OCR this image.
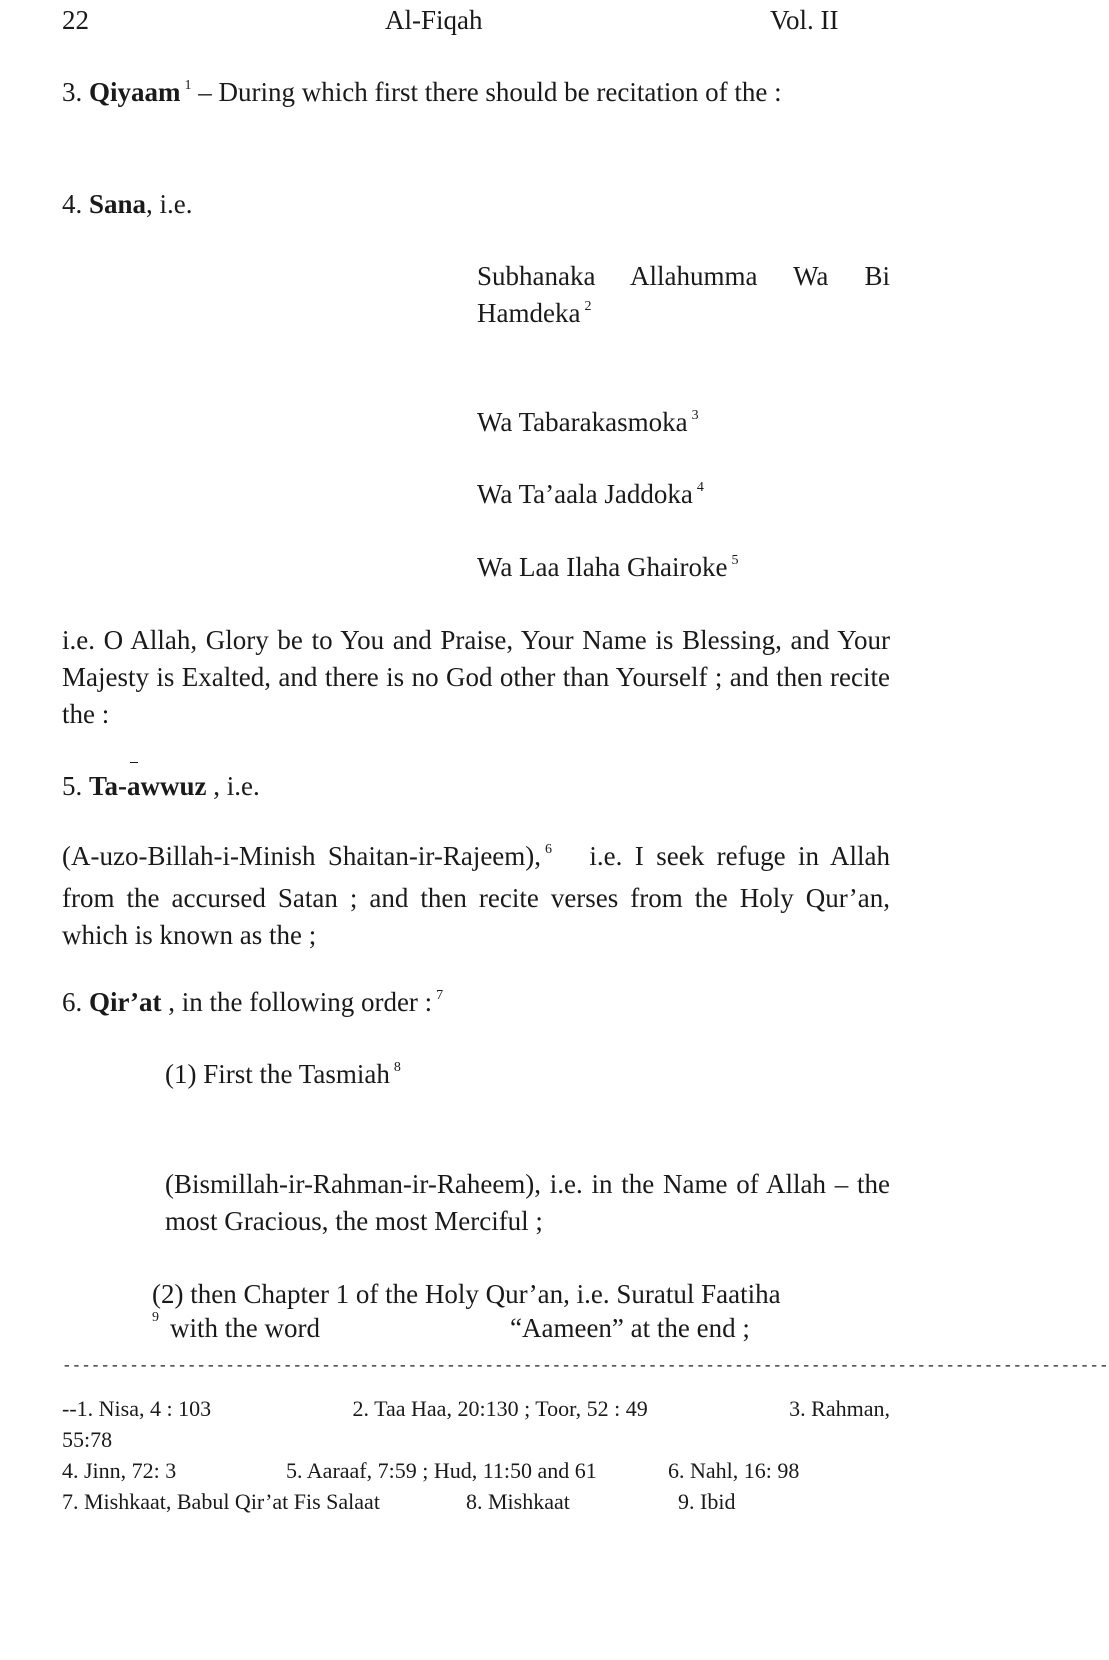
22	Al-Fiqah	Vol. II

3. Qiyaam $^1$ – During which first there should be recitation of the :

4. Sana, i.e.

Subhanaka Allahumma Wa Bi Hamdeka $^2$

Wa Tabarakasmoka $^3$

Wa Ta’aala Jaddoka $^4$

Wa Laa Ilaha Ghairoke $^5$

i.e. O Allah, Glory be to You and Praise, Your Name is Blessing, and Your Majesty is Exalted, and there is no God other than Yourself ; and then recite the :

5. Ta-awwuz , i.e.

(A-uzo-Billah-i-Minish Shaitan-ir-Rajeem), $^6$ i.e. I seek refuge in Allah from the accursed Satan ; and then recite verses from the Holy Qur’an, which is known as the ;

6. Qir’at , in the following order : $^7$

(1) First the Tasmiah $^8$

(Bismillah-ir-Rahman-ir-Raheem), i.e. in the Name of Allah – the most Gracious, the most Merciful ;

(2) then Chapter 1 of the Holy Qur’an, i.e. Suratul Faatiha

9 with the word	“Aameen” at the end ;

-------------------------------------------------------------------------------------------------------------
--1. Nisa, 4 : 103	2. Taa Haa, 20:130 ; Toor, 52 : 49	3. Rahman,
55:78
4. Jinn, 72: 3	5. Aaraaf, 7:59 ; Hud, 11:50 and 61	6. Nahl, 16: 98
7. Mishkaat, Babul Qir’at Fis Salaat	8. Mishkaat	9. Ibid
